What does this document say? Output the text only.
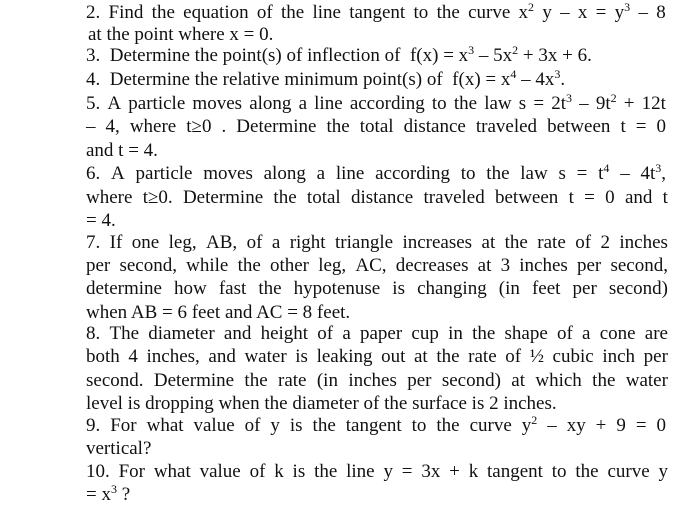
2. Find the equation of the line tangent to the curve $x^2$ $y - x = y^3 - 8$
at the point where x = 0.
3.  Determine the point(s) of inflection of  $f(x) = x^3 - 5x^2 + 3x + 6$.
4.  Determine the relative minimum point(s) of  $f(x) = x^4 - 4x^3$.
5. A particle moves along a line according to the law $s = 2t^3 - 9t^2 + 12t$
– 4, where t≥0 . Determine the total distance traveled between t = 0
and t = 4.
6. A particle moves along a line according to the law $s = t^4 - 4t^3$,
where t≥0. Determine the total distance traveled between t = 0 and t
= 4.
7. If one leg, AB, of a right triangle increases at the rate of 2 inches
per second, while the other leg, AC, decreases at 3 inches per second,
determine how fast the hypotenuse is changing (in feet per second)
when AB = 6 feet and AC = 8 feet.
8. The diameter and height of a paper cup in the shape of a cone are
both 4 inches, and water is leaking out at the rate of ½ cubic inch per
second. Determine the rate (in inches per second) at which the water
level is dropping when the diameter of the surface is 2 inches.
9. For what value of y is the tangent to the curve $y^2$ – xy + 9 = 0
vertical?
10. For what value of k is the line y = 3x + k tangent to the curve y
= $x^3$ ?
